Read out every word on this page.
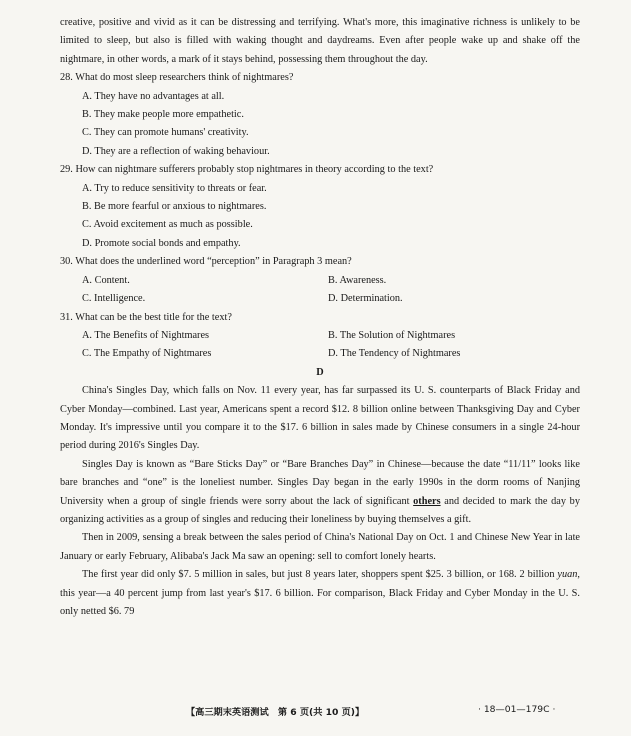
creative, positive and vivid as it can be distressing and terrifying. What's more, this imaginative richness is unlikely to be limited to sleep, but also is filled with waking thought and daydreams. Even after people wake up and shake off the nightmare, in other words, a mark of it stays behind, possessing them throughout the day.

28. What do most sleep researchers think of nightmares?

A. They have no advantages at all.
B. They make people more empathetic.
C. They can promote humans' creativity.
D. They are a reflection of waking behaviour.

29. How can nightmare sufferers probably stop nightmares in theory according to the text?

A. Try to reduce sensitivity to threats or fear.
B. Be more fearful or anxious to nightmares.
C. Avoid excitement as much as possible.
D. Promote social bonds and empathy.

30. What does the underlined word “perception” in Paragraph 3 mean?

A. Content.	B. Awareness.
C. Intelligence.	D. Determination.

31. What can be the best title for the text?

A. The Benefits of Nightmares	B. The Solution of Nightmares
C. The Empathy of Nightmares	D. The Tendency of Nightmares
D

China's Singles Day, which falls on Nov. 11 every year, has far surpassed its U. S. counterparts of Black Friday and Cyber Monday—combined. Last year, Americans spent a record $12. 8 billion online between Thanksgiving Day and Cyber Monday. It's impressive until you compare it to the $17. 6 billion in sales made by Chinese consumers in a single 24-hour period during 2016's Singles Day.

Singles Day is known as “Bare Sticks Day” or “Bare Branches Day” in Chinese—because the date “11/11” looks like bare branches and “one” is the loneliest number. Singles Day began in the early 1990s in the dorm rooms of Nanjing University when a group of single friends were sorry about the lack of significant others and decided to mark the day by organizing activities as a group of singles and reducing their loneliness by buying themselves a gift.

Then in 2009, sensing a break between the sales period of China's National Day on Oct. 1 and Chinese New Year in late January or early February, Alibaba's Jack Ma saw an opening: sell to comfort lonely hearts.

The first year did only $7. 5 million in sales, but just 8 years later, shoppers spent $25. 3 billion, or 168. 2 billion yuan, this year—a 40 percent jump from last year's $17. 6 billion. For comparison, Black Friday and Cyber Monday in the U. S. only netted $6. 79

【高三期末英语测试　第 6 页(共 10 页)】	· 18—01—179C ·
